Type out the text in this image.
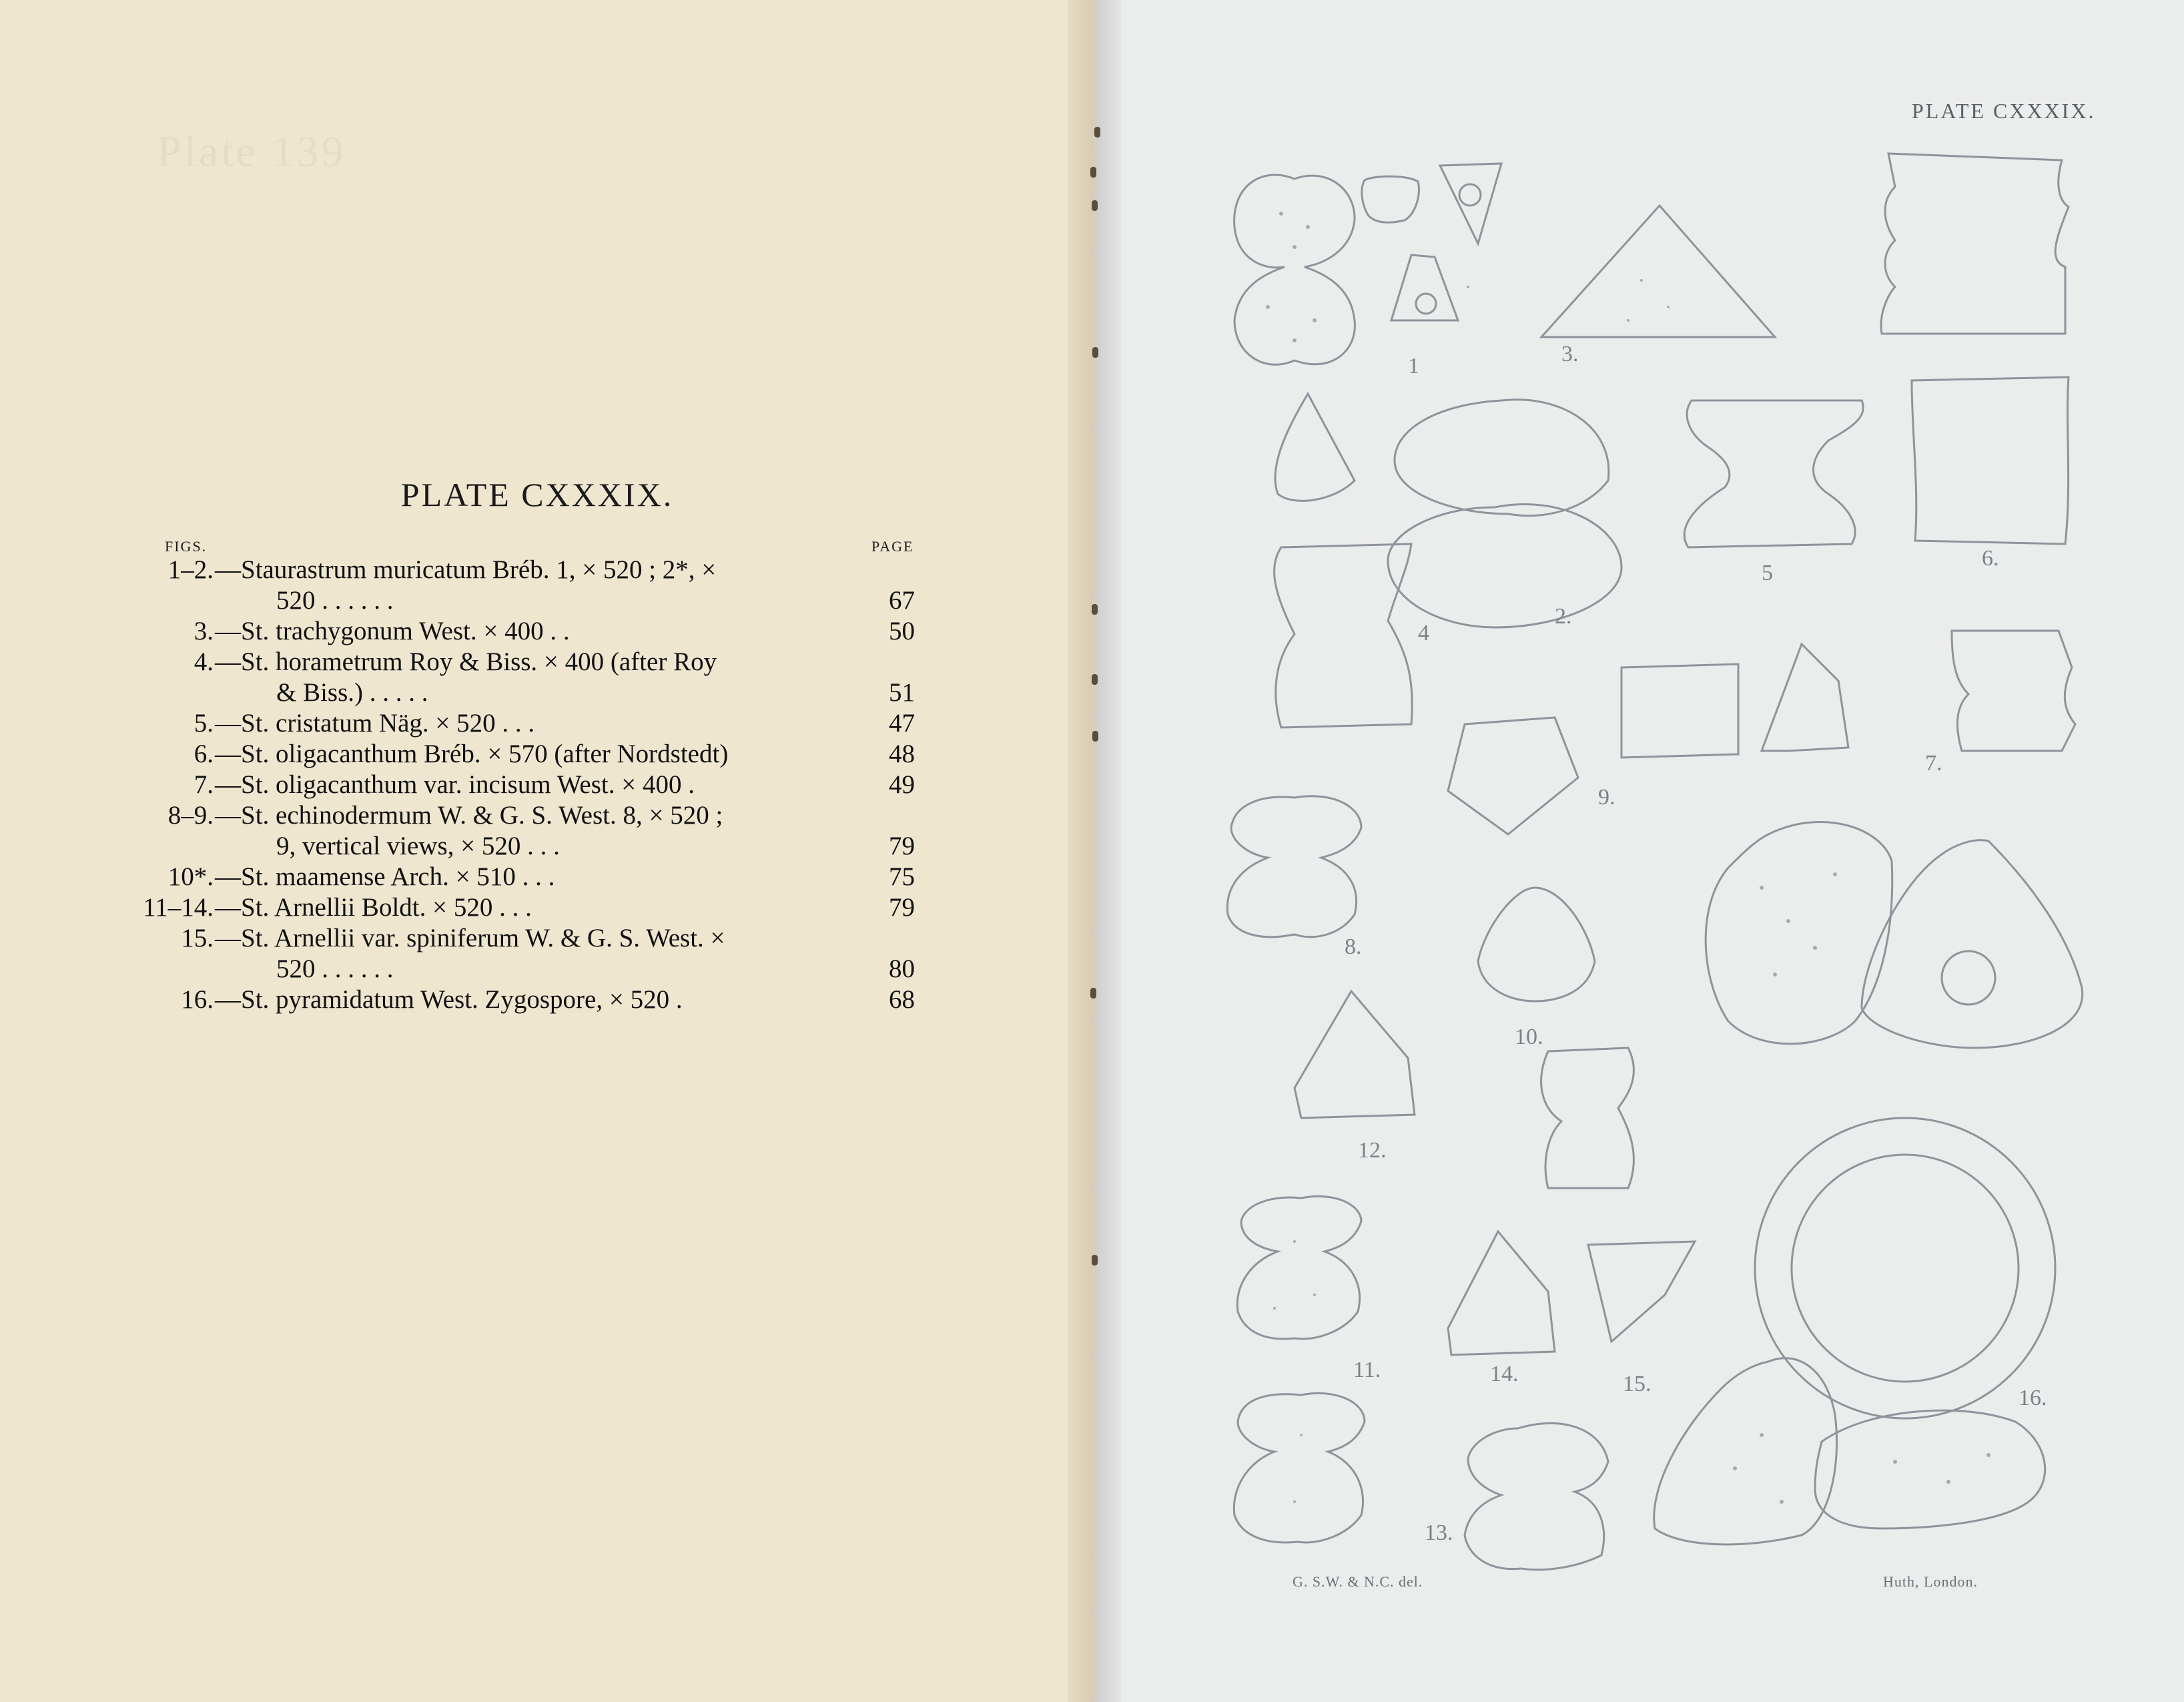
Plate 139
PLATE CXXXIX.
FIGS.	PAGE
1–2. —Staurastrum muricatum Bréb. 1, × 520 ; 2*, ×
520 . . . . . .	67
3. —St. trachygonum West. × 400 . .	50
4. —St. horametrum Roy & Biss. × 400 (after Roy
& Biss.) . . . . .	51
5. —St. cristatum Näg. × 520 . . .	47
6. —St. oligacanthum Bréb. × 570 (after Nordstedt)	48
7. —St. oligacanthum var. incisum West. × 400 .	49
8–9. —St. echinodermum W. & G. S. West. 8, × 520 ;
9, vertical views, × 520 . . .	79
10*. —St. maamense Arch. × 510 . . .	75
11–14. —St. Arnellii Boldt. × 520 . . .	79
15. —St. Arnellii var. spiniferum W. & G. S. West. ×
520 . . . . . .	80
16. —St. pyramidatum West. Zygospore, × 520 .	68
PLATE CXXXIX.
1
2.
3.
4
5
6.
7.
8.
9.
10.
11.
12.
13.
14.	15.
16.
G. S.W. & N.C. del.	Huth, London.
